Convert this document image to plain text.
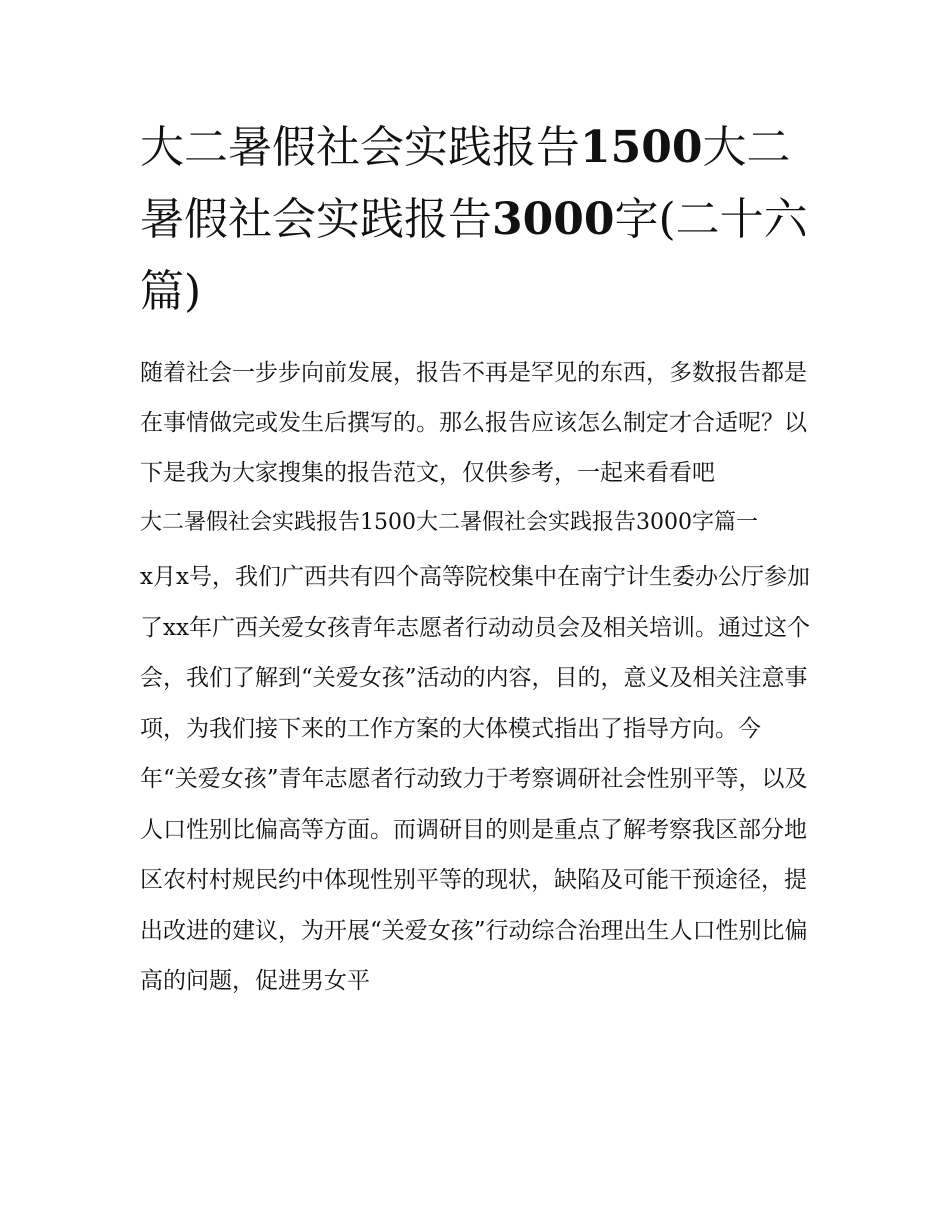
大二暑假社会实践报告1500大二暑假社会实践报告3000字(二十六篇)

随着社会一步步向前发展，报告不再是罕见的东西，多数报告都是在事情做完或发生后撰写的。那么报告应该怎么制定才合适呢？以下是我为大家搜集的报告范文，仅供参考，一起来看看吧

大二暑假社会实践报告1500大二暑假社会实践报告3000字篇一

x月x号，我们广西共有四个高等院校集中在南宁计生委办公厅参加了xx年广西关爱女孩青年志愿者行动动员会及相关培训。通过这个会，我们了解到“关爱女孩”活动的内容，目的，意义及相关注意事项，为我们接下来的工作方案的大体模式指出了指导方向。今年“关爱女孩”青年志愿者行动致力于考察调研社会性别平等，以及人口性别比偏高等方面。而调研目的则是重点了解考察我区部分地区农村村规民约中体现性别平等的现状，缺陷及可能干预途径，提出改进的建议，为开展“关爱女孩”行动综合治理出生人口性别比偏高的问题，促进男女平
